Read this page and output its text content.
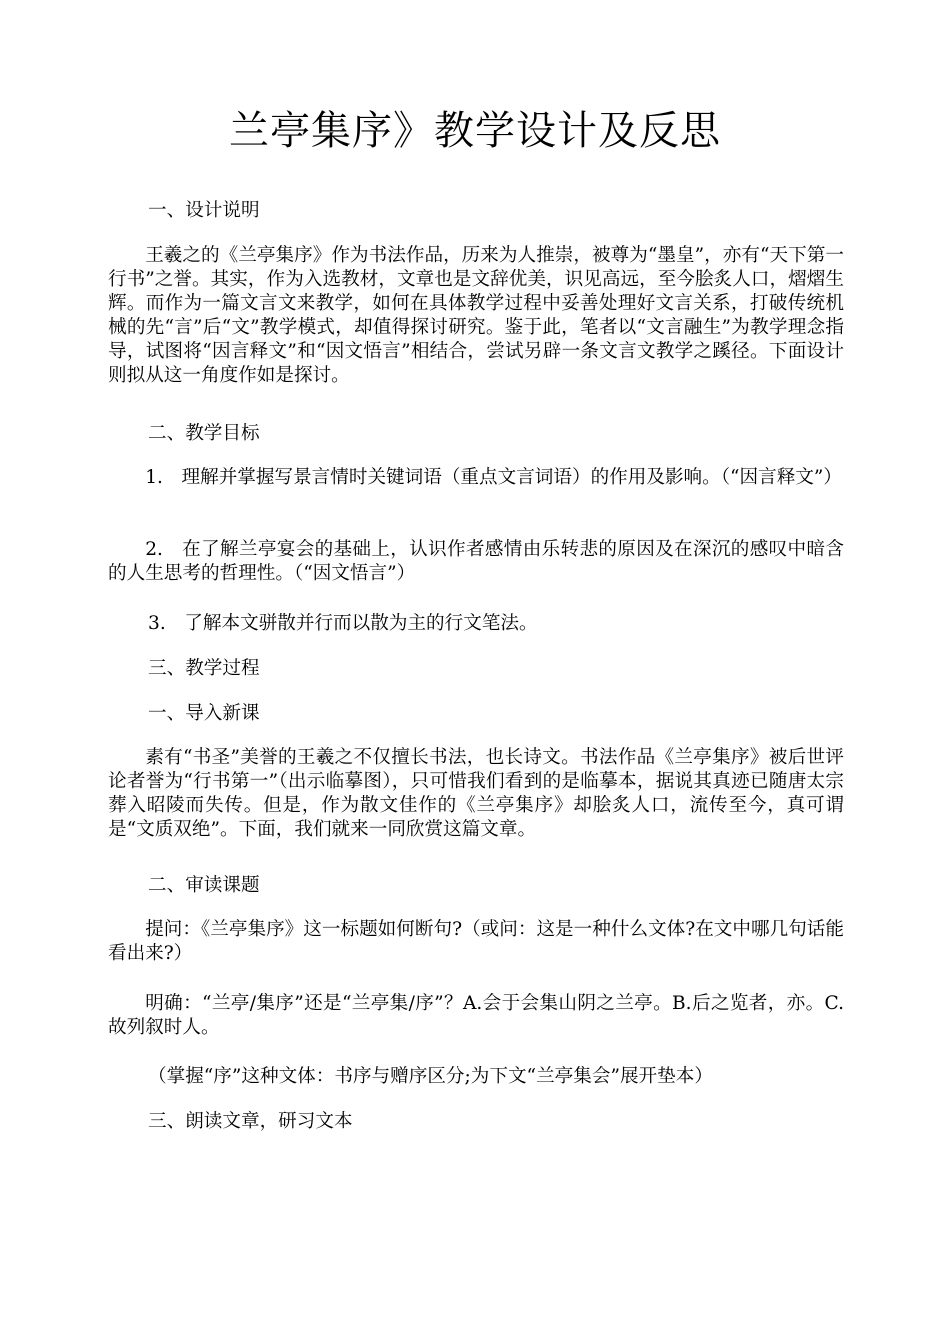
兰亭集序》教学设计及反思

一、设计说明

王羲之的《兰亭集序》作为书法作品，历来为人推崇，被尊为“墨皇”，亦有“天下第一行书”之誉。其实，作为入选教材，文章也是文辞优美，识见高远，至今脍炙人口，熠熠生辉。而作为一篇文言文来教学，如何在具体教学过程中妥善处理好文言关系，打破传统机械的先“言”后“文”教学模式，却值得探讨研究。鉴于此，笔者以“文言融生”为教学理念指导，试图将“因言释文”和“因文悟言”相结合，尝试另辟一条文言文教学之蹊径。下面设计则拟从这一角度作如是探讨。

二、教学目标

1.　理解并掌握写景言情时关键词语（重点文言词语）的作用及影响。（“因言释文”）

2.　在了解兰亭宴会的基础上，认识作者感情由乐转悲的原因及在深沉的感叹中暗含的人生思考的哲理性。（“因文悟言”）

3.　了解本文骈散并行而以散为主的行文笔法。

三、教学过程

一、导入新课

素有“书圣”美誉的王羲之不仅擅长书法，也长诗文。书法作品《兰亭集序》被后世评论者誉为“行书第一”（出示临摹图），只可惜我们看到的是临摹本，据说其真迹已随唐太宗葬入昭陵而失传。但是，作为散文佳作的《兰亭集序》却脍炙人口，流传至今，真可谓是“文质双绝”。下面，我们就来一同欣赏这篇文章。

二、审读课题

提问：《兰亭集序》这一标题如何断句?（或问：这是一种什么文体?在文中哪几句话能看出来?）

明确：“兰亭/集序”还是“兰亭集/序”？A.会于会集山阴之兰亭。B.后之览者，亦。C.故列叙时人。

（掌握“序”这种文体：书序与赠序区分;为下文“兰亭集会”展开垫本）

三、朗读文章，研习文本
